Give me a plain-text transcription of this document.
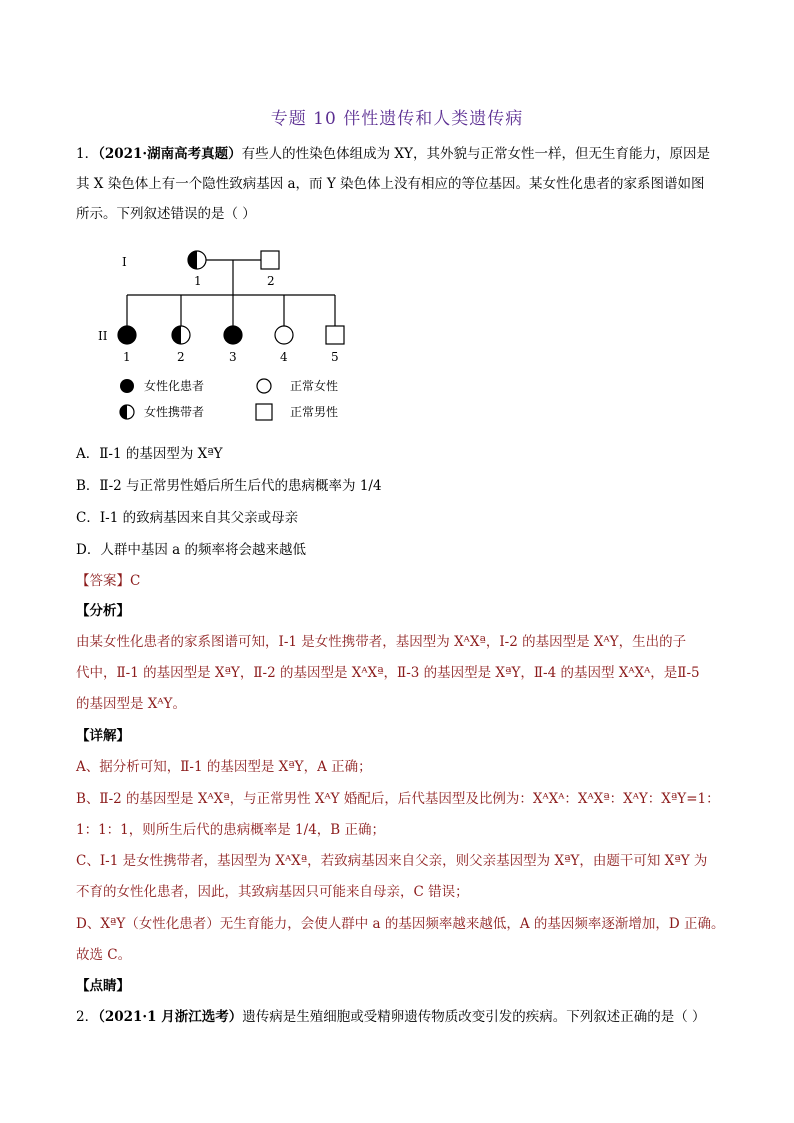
专题 10 伴性遗传和人类遗传病
1．（2021·湖南高考真题）有些人的性染色体组成为 XY，其外貌与正常女性一样，但无生育能力，原因是
其 X 染色体上有一个隐性致病基因 a，而 Y 染色体上没有相应的等位基因。某女性化患者的家系图谱如图
所示。下列叙述错误的是（ ）
I
II
1	2
1	2	3	4	5
女性化患者	正常女性
女性携带者	正常男性
A．Ⅱ-1 的基因型为 XªY
B．Ⅱ-2 与正常男性婚后所生后代的患病概率为 1/4
C．I-1 的致病基因来自其父亲或母亲
D．人群中基因 a 的频率将会越来越低
【答案】C
【分析】
由某女性化患者的家系图谱可知，Ⅰ-1 是女性携带者，基因型为 XᴬXª，Ⅰ-2 的基因型是 XᴬY，生出的子
代中，Ⅱ-1 的基因型是 XªY，Ⅱ-2 的基因型是 XᴬXª，Ⅱ-3 的基因型是 XªY，Ⅱ-4 的基因型 XᴬXᴬ，是Ⅱ-5
的基因型是 XᴬY。
【详解】
A、据分析可知，Ⅱ-1 的基因型是 XªY，A 正确；
B、Ⅱ-2 的基因型是 XᴬXª，与正常男性 XᴬY 婚配后，后代基因型及比例为：XᴬXᴬ：XᴬXª：XᴬY：XªY=1：
1：1：1，则所生后代的患病概率是 1/4，B 正确；
C、Ⅰ-1 是女性携带者，基因型为 XᴬXª，若致病基因来自父亲，则父亲基因型为 XªY，由题干可知 XªY 为
不育的女性化患者，因此，其致病基因只可能来自母亲，C 错误；
D、XªY（女性化患者）无生育能力，会使人群中 a 的基因频率越来越低，A 的基因频率逐渐增加，D 正确。
故选 C。
【点睛】
2．（2021·1 月浙江选考）遗传病是生殖细胞或受精卵遗传物质改变引发的疾病。下列叙述正确的是（ ）
